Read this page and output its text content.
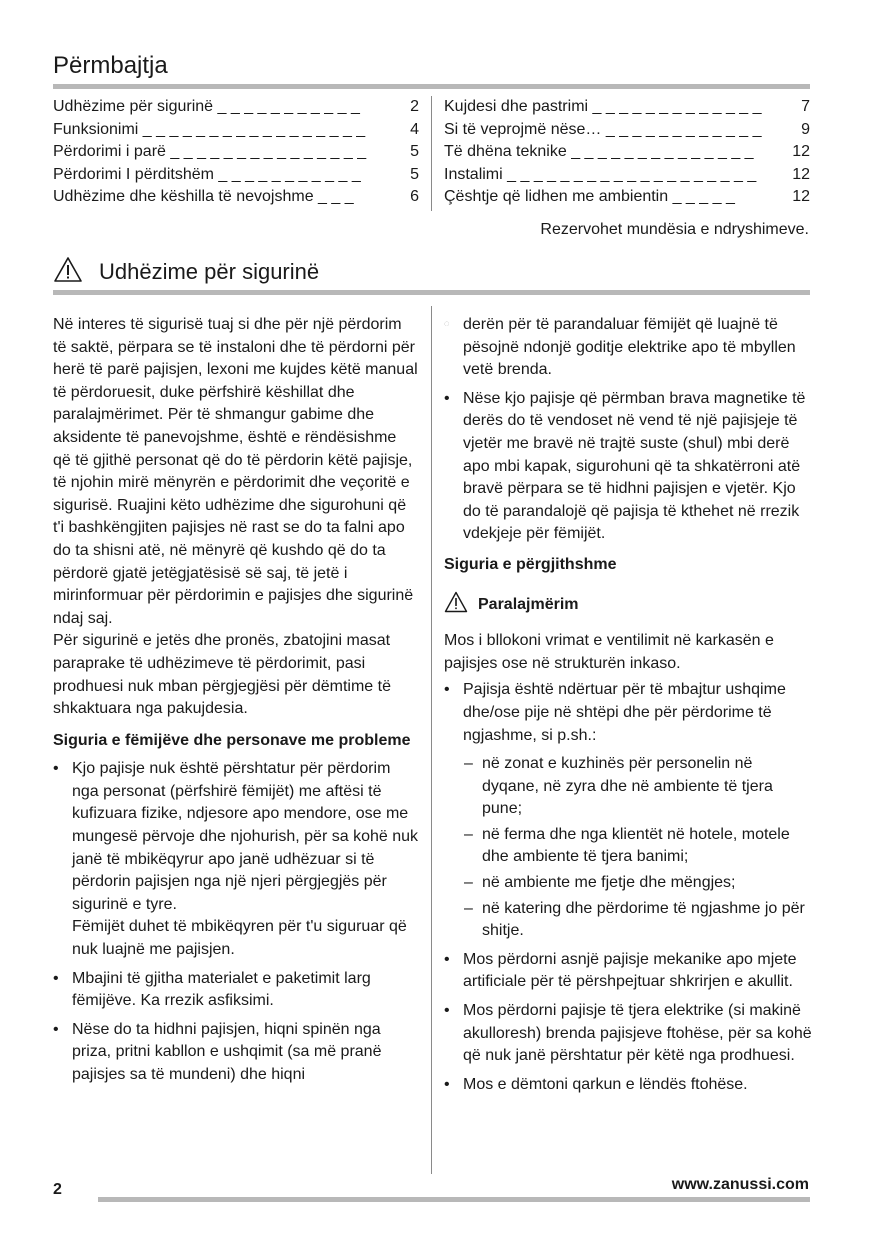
Përmbajtja
Udhëzime për sigurinë _ _ _ _ _ _ _ _ _ _ _	2
Funksionimi _ _ _ _ _ _ _ _ _ _ _ _ _ _ _ _ _	4
Përdorimi i parë _ _ _ _ _ _ _ _ _ _ _ _ _ _ _	5
Përdorimi I përditshëm _ _ _ _ _ _ _ _ _ _ _	5
Udhëzime dhe këshilla të nevojshme _ _ _	6
Kujdesi dhe pastrimi _ _ _ _ _ _ _ _ _ _ _ _ _ 7
Si të veprojmë nëse… _ _ _ _ _ _ _ _ _ _ _ _ 9
Të dhëna teknike _ _ _ _ _ _ _ _ _ _ _ _ _ _ 12
Instalimi _ _ _ _ _ _ _ _ _ _ _ _ _ _ _ _ _ _ _ 12
Çështje që lidhen me ambientin _ _ _ _ _	12
Rezervohet mundësia e ndryshimeve.
Udhëzime për sigurinë

Në interes të sigurisë tuaj si dhe për një përdorim të saktë, përpara se të instaloni dhe të përdorni për herë të parë pajisjen, lexoni me kujdes këtë manual të përdoruesit, duke përfshirë këshillat dhe paralajmërimet. Për të shmangur gabime dhe aksidente të panevojshme, është e rëndësishme që të gjithë personat që do të përdorin këtë pajisje, të njohin mirë mënyrën e përdorimit dhe veçoritë e sigurisë. Ruajini këto udhëzime dhe sigurohuni që t'i bashkëngjiten pajisjes në rast se do ta falni apo do ta shisni atë, në mënyrë që kushdo që do ta përdorë gjatë jetëgjatësisë së saj, të jetë i mirinformuar për përdorimin e pajisjes dhe sigurinë ndaj saj.

Për sigurinë e jetës dhe pronës, zbatojini masat paraprake të udhëzimeve të përdorimit, pasi prodhuesi nuk mban përgjegjësi për dëmtime të shkaktuara nga pakujdesia.

Siguria e fëmijëve dhe personave me probleme
• Kjo pajisje nuk është përshtatur për përdorim nga personat (përfshirë fëmijët) me aftësi të kufizuara fizike, ndjesore apo mendore, ose me mungesë përvoje dhe njohurish, për sa kohë nuk janë të mbikëqyrur apo janë udhëzuar si të përdorin pajisjen nga një njeri përgjegjës për sigurinë e tyre.
Fëmijët duhet të mbikëqyren për t'u siguruar që nuk luajnë me pajisjen.
• Mbajini të gjitha materialet e paketimit larg fëmijëve. Ka rrezik asfiksimi.
• Nëse do ta hidhni pajisjen, hiqni spinën nga priza, pritni kabllon e ushqimit (sa më pranë pajisjes sa të mundeni) dhe hiqni
• • derën për të parandaluar fëmijët që luajnë të pësojnë ndonjë goditje elektrike apo të mbyllen vetë brenda.
• Nëse kjo pajisje që përmban brava magnetike të derës do të vendoset në vend të një pajisjeje të vjetër me bravë në trajtë suste (shul) mbi derë apo mbi kapak, sigurohuni që ta shkatërroni atë bravë përpara se të hidhni pajisjen e vjetër. Kjo do të parandalojë që pajisja të kthehet në rrezik vdekjeje për fëmijët.
Siguria e përgjithshme
Paralajmërim

Mos i bllokoni vrimat e ventilimit në karkasën e pajisjes ose në strukturën inkaso.

• Pajisja është ndërtuar për të mbajtur ushqime dhe/ose pije në shtëpi dhe për përdorime të ngjashme, si p.sh.:
– në zonat e kuzhinës për personelin në dyqane, në zyra dhe në ambiente të tjera pune;
– në ferma dhe nga klientët në hotele, motele dhe ambiente të tjera banimi;
– në ambiente me fjetje dhe mëngjes;
– në katering dhe përdorime të ngjashme jo për shitje.
• Mos përdorni asnjë pajisje mekanike apo mjete artificiale për të përshpejtuar shkrirjen e akullit.
• Mos përdorni pajisje të tjera elektrike (si makinë akulloresh) brenda pajisjeve ftohëse, për sa kohë që nuk janë përshtatur për këtë nga prodhuesi.
• Mos e dëmtoni qarkun e lëndës ftohëse.
2	www.zanussi.com
